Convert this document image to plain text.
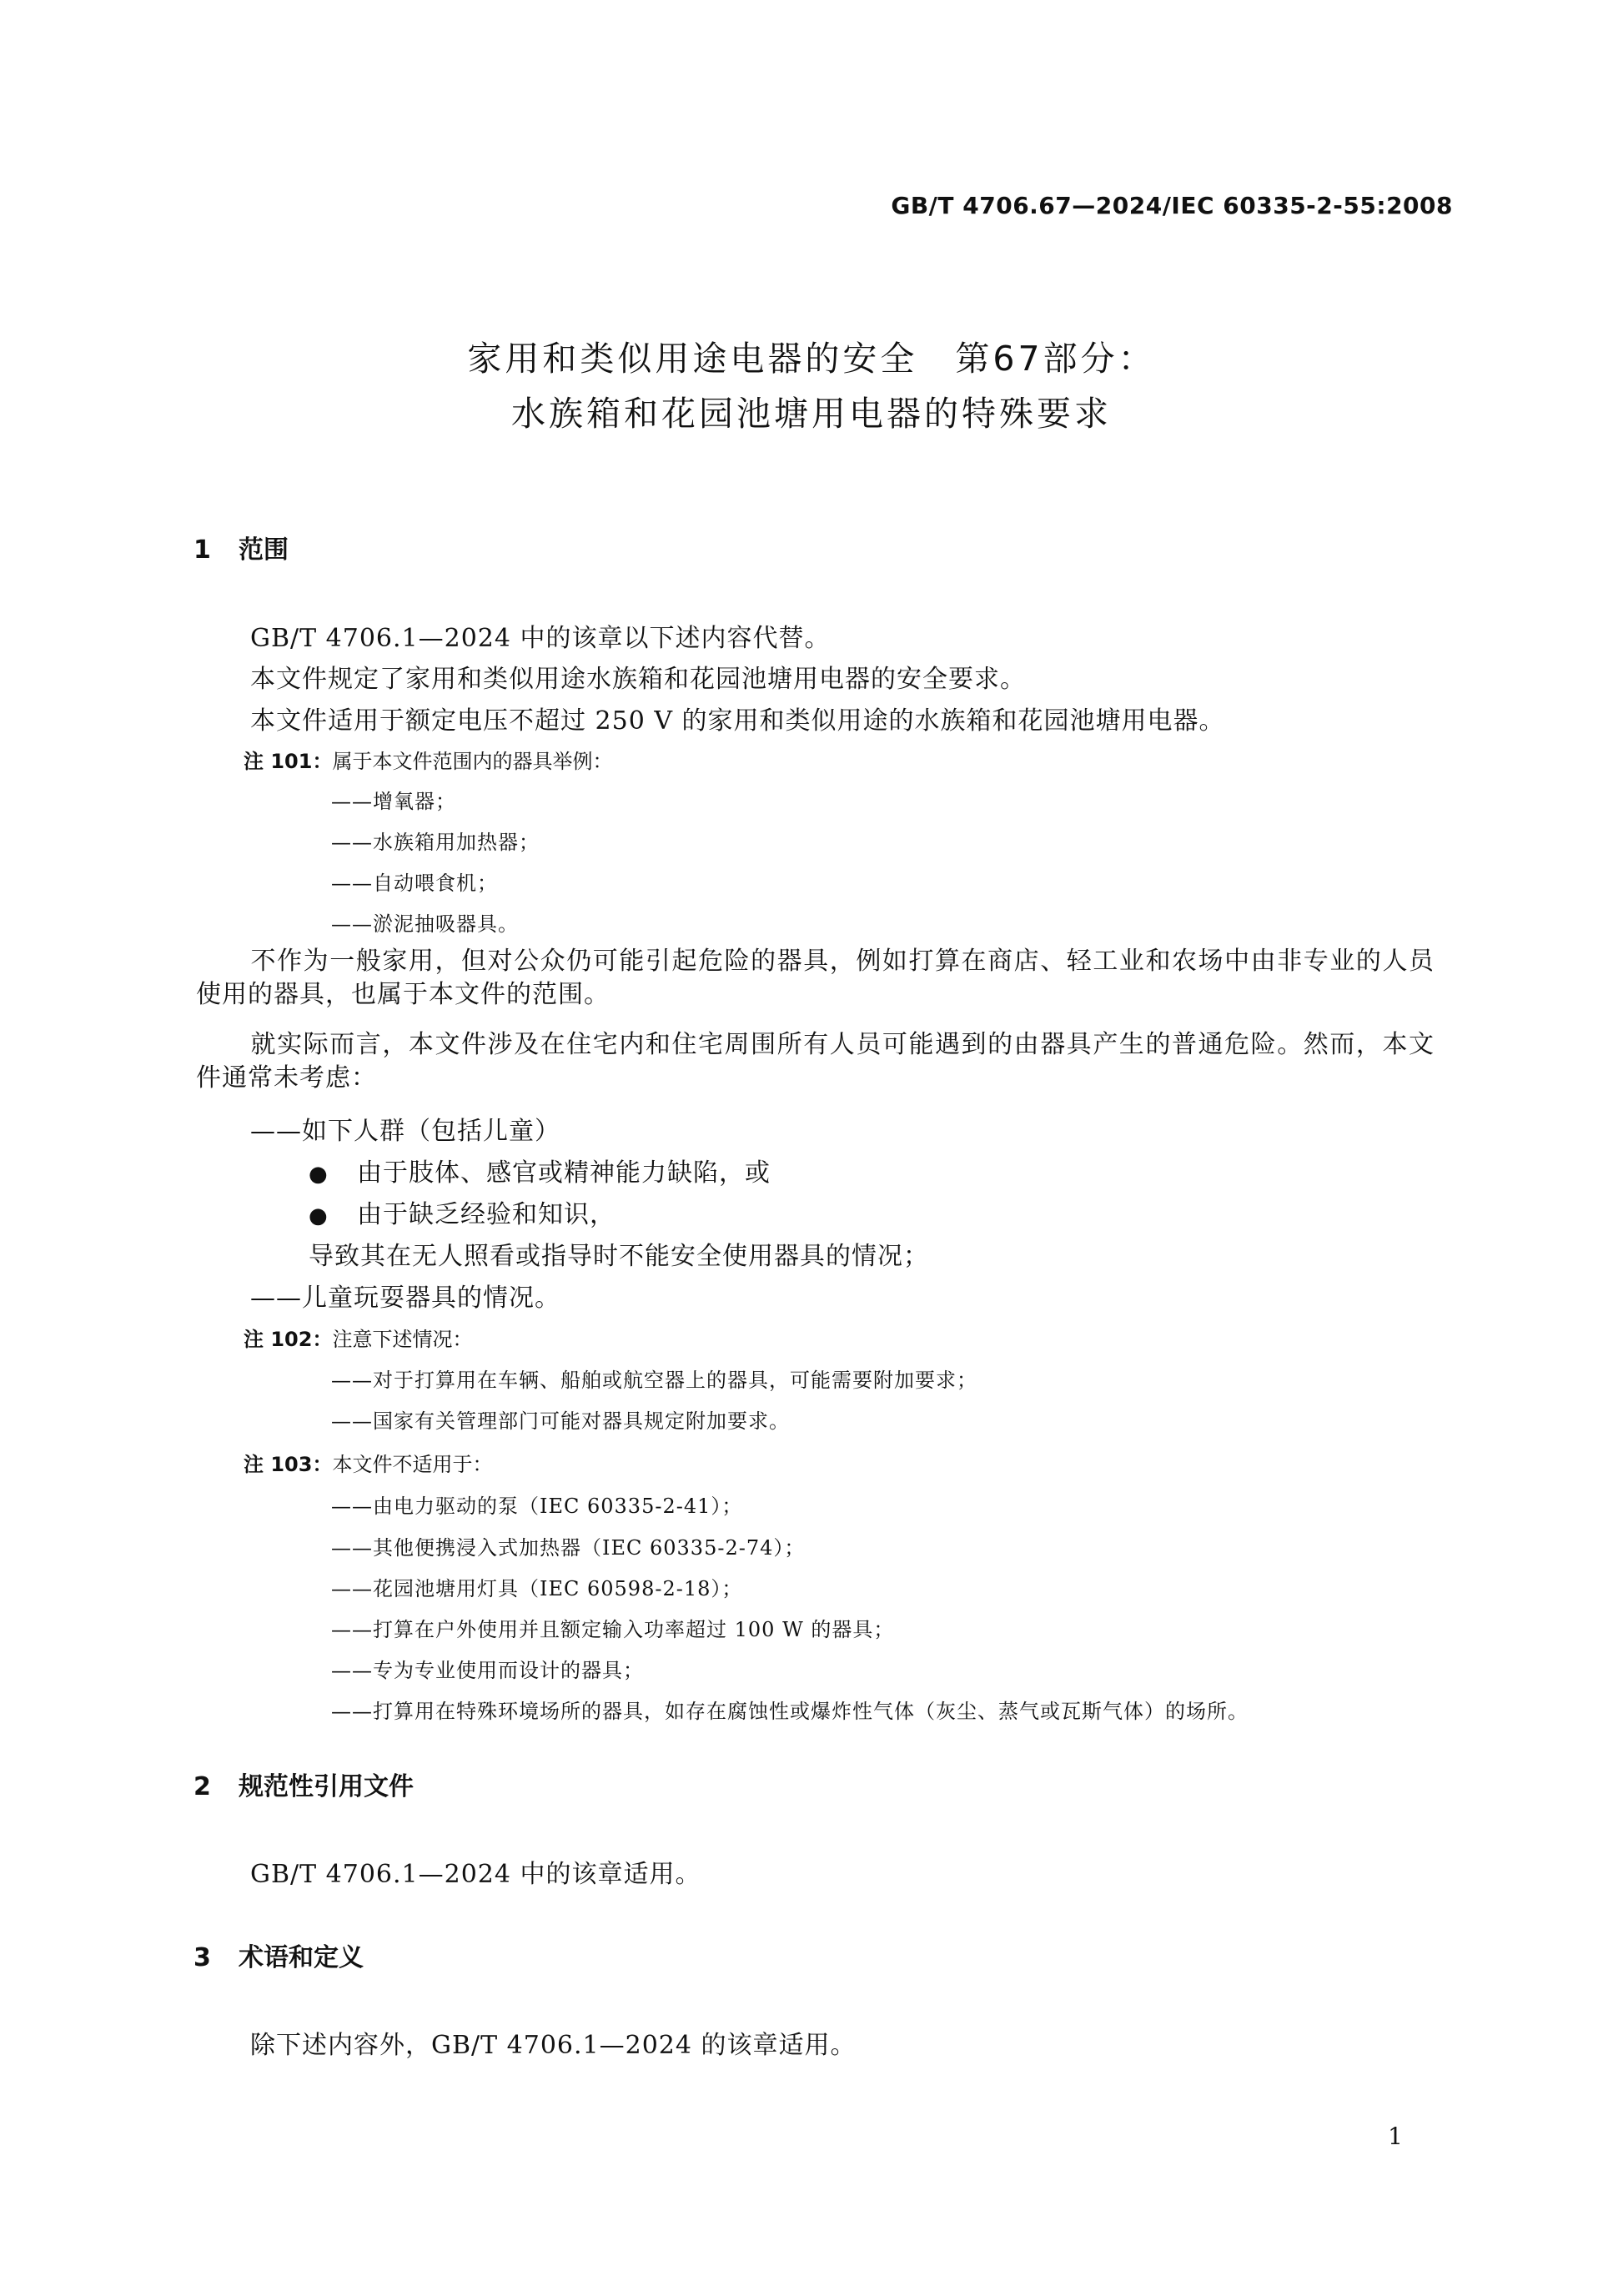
GB/T 4706.67—2024/IEC 60335-2-55:2008
家用和类似用途电器的安全　第67部分：
水族箱和花园池塘用电器的特殊要求
1 范围
GB/T 4706.1—2024 中的该章以下述内容代替。
本文件规定了家用和类似用途水族箱和花园池塘用电器的安全要求。
本文件适用于额定电压不超过 250 V 的家用和类似用途的水族箱和花园池塘用电器。
注 101：属于本文件范围内的器具举例：
——增氧器；
——水族箱用加热器；
——自动喂食机；
——淤泥抽吸器具。
不作为一般家用，但对公众仍可能引起危险的器具，例如打算在商店、轻工业和农场中由非专业的人员使用的器具，也属于本文件的范围。
就实际而言，本文件涉及在住宅内和住宅周围所有人员可能遇到的由器具产生的普通危险。然而，本文件通常未考虑：
——如下人群（包括儿童）
● 由于肢体、感官或精神能力缺陷，或
● 由于缺乏经验和知识，
导致其在无人照看或指导时不能安全使用器具的情况；
——儿童玩耍器具的情况。
注 102：注意下述情况：
——对于打算用在车辆、船舶或航空器上的器具，可能需要附加要求；
——国家有关管理部门可能对器具规定附加要求。
注 103：本文件不适用于：
——由电力驱动的泵（IEC 60335-2-41）；
——其他便携浸入式加热器（IEC 60335-2-74）；
——花园池塘用灯具（IEC 60598-2-18）；
——打算在户外使用并且额定输入功率超过 100 W 的器具；
——专为专业使用而设计的器具；
——打算用在特殊环境场所的器具，如存在腐蚀性或爆炸性气体（灰尘、蒸气或瓦斯气体）的场所。
2 规范性引用文件
GB/T 4706.1—2024 中的该章适用。
3 术语和定义
除下述内容外，GB/T 4706.1—2024 的该章适用。
1
